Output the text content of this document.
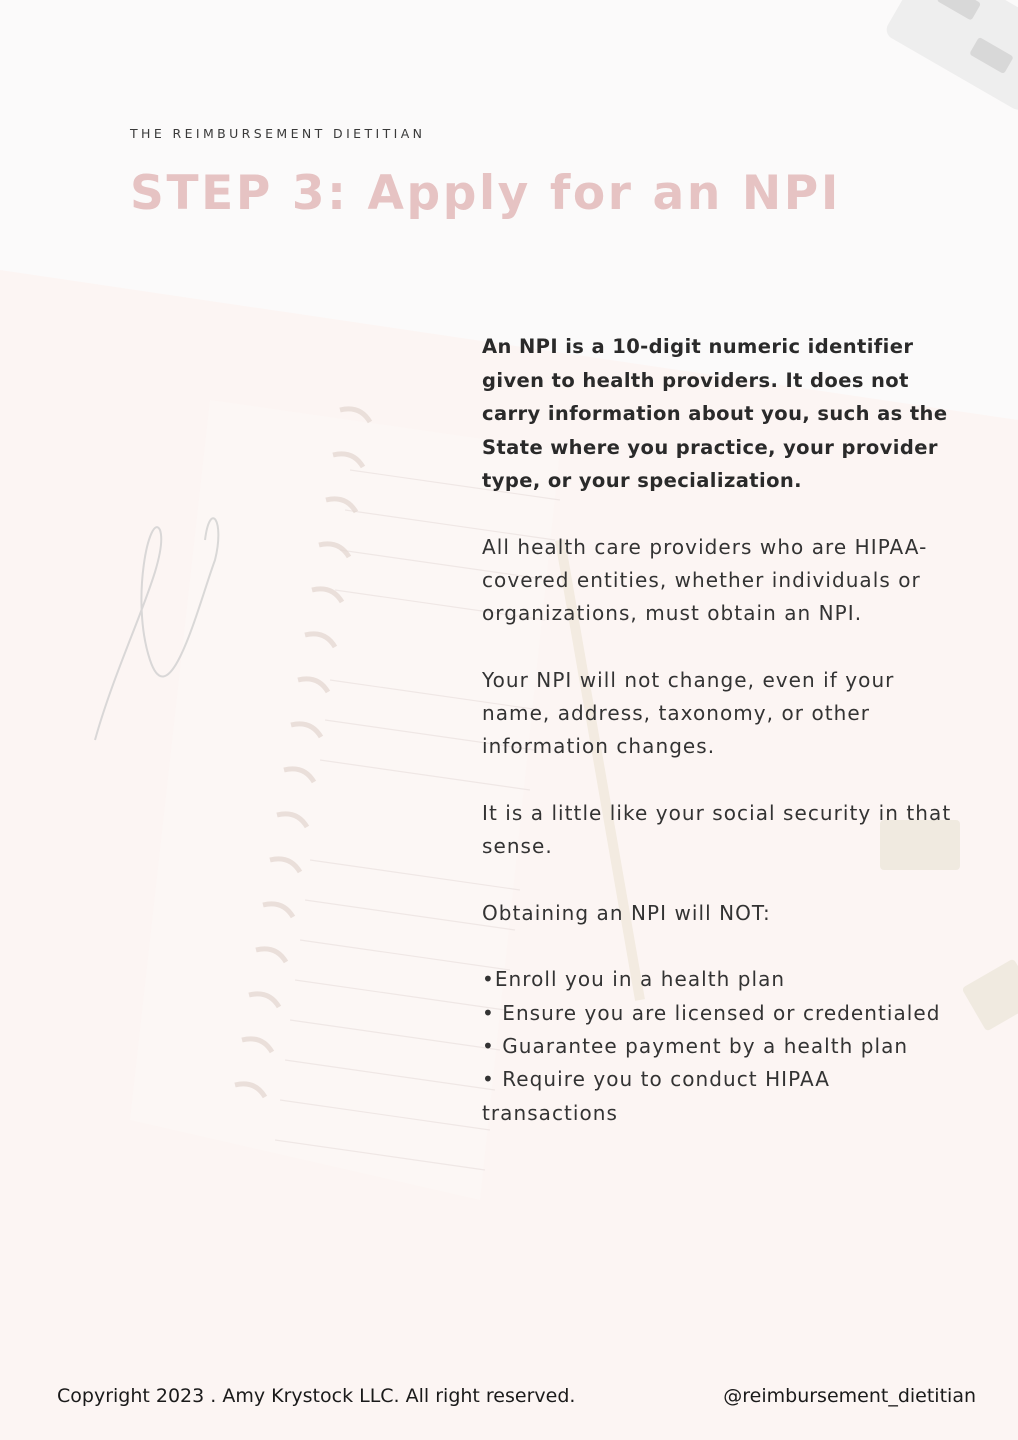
THE REIMBURSEMENT DIETITIAN
STEP 3: Apply for an NPI

An NPI is a 10-digit numeric identifier given to health providers. It does not carry information about you, such as the State where you practice, your provider type, or your specialization.

All health care providers who are HIPAA-covered entities, whether individuals or organizations, must obtain an NPI.

Your NPI will not change, even if your name, address, taxonomy, or other information changes.

It is a little like your social security in that sense.

Obtaining an NPI will NOT:

•Enroll you in a health plan
• Ensure you are licensed or credentialed
• Guarantee payment by a health plan
• Require you to conduct HIPAA transactions
Copyright 2023 . Amy Krystock LLC. All right reserved.	@reimbursement_dietitian
